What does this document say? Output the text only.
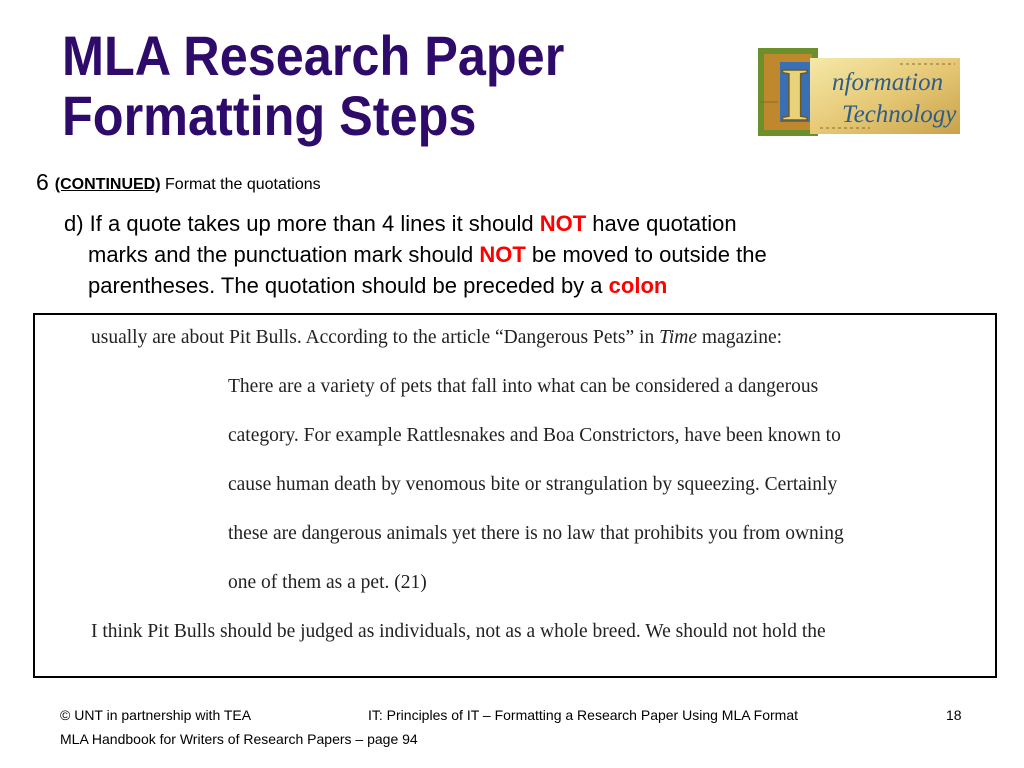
MLA Research Paper
Formatting Steps	I nformation
Technology
6 (CONTINUED) Format the quotations
d) If a quote takes up more than 4 lines it should NOT have quotation
marks and the punctuation mark should NOT be moved to outside the
parentheses. The quotation should be preceded by a colon
usually are about Pit Bulls. According to the article “Dangerous Pets” in Time magazine:
There are a variety of pets that fall into what can be considered a dangerous
category. For example Rattlesnakes and Boa Constrictors, have been known to
cause human death by venomous bite or strangulation by squeezing. Certainly
these are dangerous animals yet there is no law that prohibits you from owning
one of them as a pet. (21)
I think Pit Bulls should be judged as individuals, not as a whole breed. We should not hold the

© UNT in partnership with TEA	IT: Principles of IT – Formatting a Research Paper Using MLA Format	18
MLA Handbook for Writers of Research Papers – page 94
